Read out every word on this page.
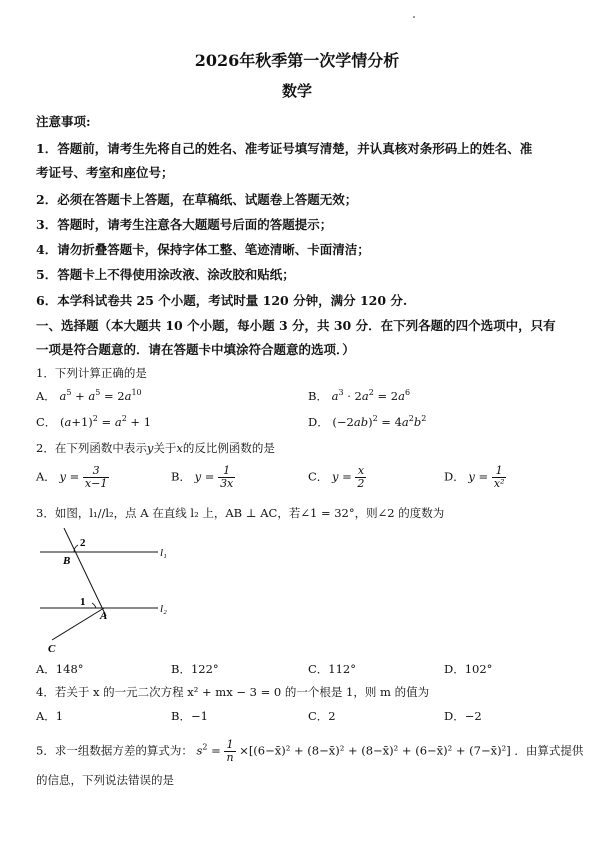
2026年秋季第一次学情分析
数学
注意事项:
1．答题前，请考生先将自己的姓名、准考证号填写清楚，并认真核对条形码上的姓名、准
考证号、考室和座位号；
2．必须在答题卡上答题，在草稿纸、试题卷上答题无效；
3．答题时，请考生注意各大题题号后面的答题提示；
4．请勿折叠答题卡，保持字体工整、笔迹清晰、卡面清洁；
5．答题卡上不得使用涂改液、涂改胶和贴纸；
6．本学科试卷共 25 个小题，考试时量 120 分钟，满分 120 分.
一、选择题（本大题共 10 个小题，每小题 3 分，共 30 分．在下列各题的四个选项中，只有
一项是符合题意的．请在答题卡中填涂符合题意的选项．）
1．下列计算正确的是
A． $a^5 + a^5 = 2a^{10}$	B． $a^3 \cdot 2a^2 = 2a^6$
C． $(a+1)^2 = a^2 + 1$	D． $(-2ab)^2 = 4a^2b^2$
2．在下列函数中表示y关于x的反比例函数的是
A． $y = \frac{3}{x-1}$	B． $y = \frac{1}{3x}$	C． $y = \frac{x}{2}$	D． $y = \frac{1}{\text{x²}}$
3．如图，l₁//l₂，点 A 在直线 l₂ 上，AB ⊥ AC，若∠1 = 32°，则∠2 的度数为
2
B
l₁
1
A
l₂
C
A．148°	B．122°	C．112°	D．102°
4．若关于 x 的一元二次方程 x² + mx − 3 = 0 的一个根是 1，则 m 的值为
A．1	B．−1	C．2	D．−2
5．求一组数据方差的算式为： $s^2 = \frac{1}{n}$ ×[(6−x̄)² + (8−x̄)² + (8−x̄)² + (6−x̄)² + (7−x̄)²] ．由算式提供
的信息，下列说法错误的是
